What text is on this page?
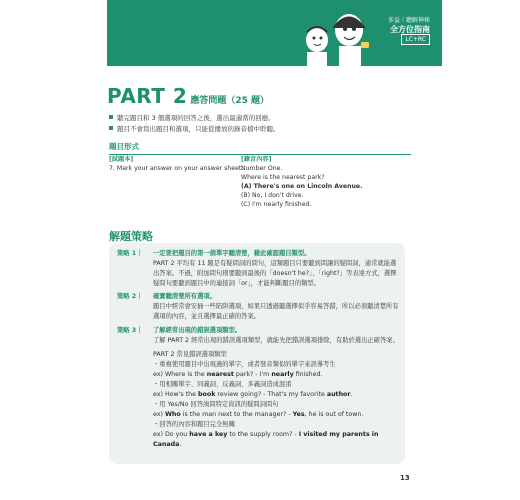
多益｜聽解神秘
全方位指南
LC+RC
PART 2 應答問題（25 題）
聽完題目和 3 個選項的回答之後，選出最適當的回應。
題目不會寫出題目和選項，只能從播放的錄音檔中聆聽。
題目形式
[試題本]
7. Mark your answer on your answer sheet.
[錄音內容]
Number One.
Where is the nearest park?
(A) There's one on Lincoln Avenue.
(B) No, I don't drive.
(C) I'm nearly finished.
解題策略
策略 1｜	一定要把題目的第一個單字聽清楚，藉此確認題目類型。
PART 2 平均有 11 題是有疑問詞的問句，這類題目只要聽到問讓的疑問詞，通常就能選出答案。不過，附加問句則要聽到最後的「doesn't he?」、「right?」等表達方式，選擇疑問句要聽到題目中的連接詞「or」，才能判斷題目的類型。
策略 2｜	確實聽清楚所有選項。
題目中經常會安插一些陷阱選項，如果只透過聽選擇似乎容易答錯，所以必須聽清楚所有選項的內容，並且選擇最正確的答案。
策略 3｜	了解經常出現的錯誤選項類型。
了解 PART 2 經常出現的錯誤選項類型，就能先把錯誤選項排除，有助於選出正確答案。
PART 2 常見錯誤選項類型
・重複使用題目中出現過的單字，或者發音類似的單字來誤導考生
ex) Where is the nearest park? - I'm nearly finished.
・用相關單字、同義詞、反義詞、多義詞造成混淆
ex) How's the book review going? - That's my favorite author.
・用 Yes/No 回答詢問特定資訊的疑問詞問句
ex) Who is the man next to the manager? - Yes, he is out of town.
・回答的內容和題目完全無關
ex) Do you have a key to the supply room? - I visited my parents in Canada.
13
